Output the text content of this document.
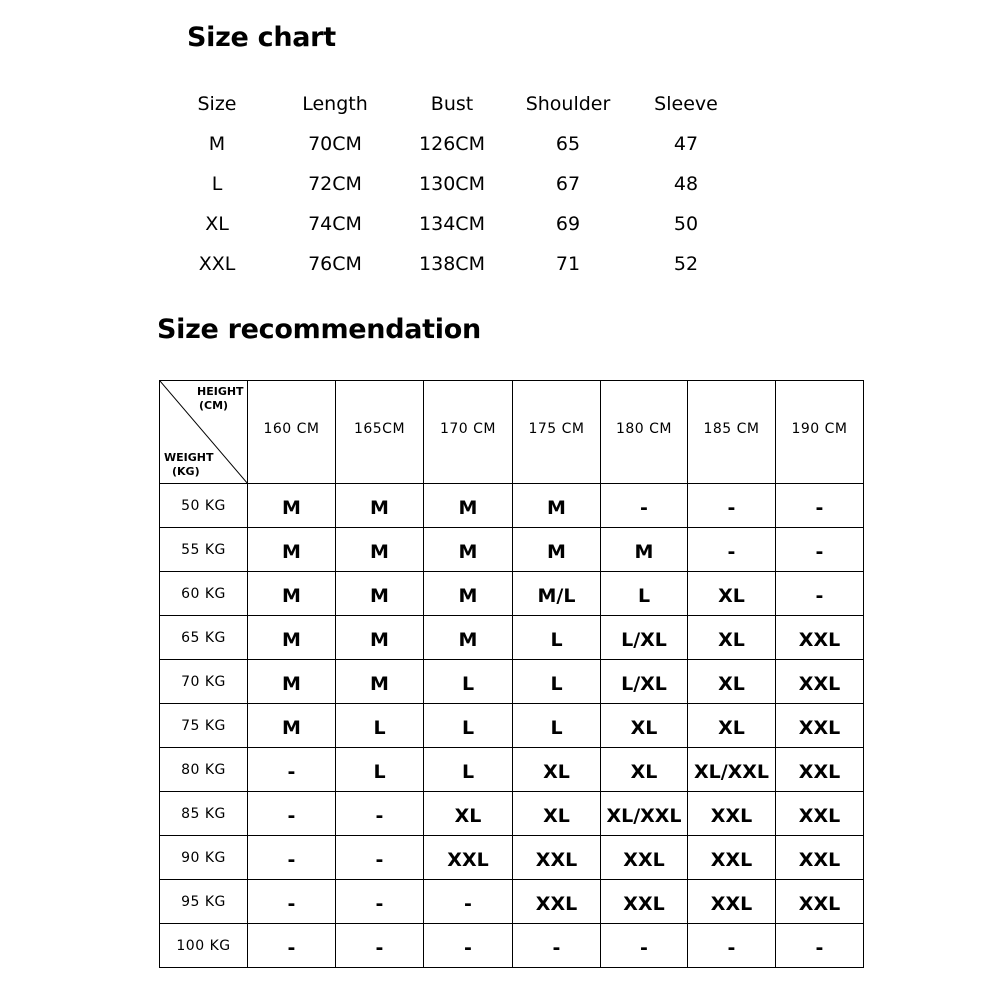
Size chart
Size	Length	Bust	Shoulder	Sleeve
M	70CM	126CM	65	47
L	72CM	130CM	67	48
XL	74CM	134CM	69	50
XXL	76CM	138CM	71	52
Size recommendation
HEIGHT
(CM)
WEIGHT
(KG)	160 CM	165CM	170 CM	175 CM	180 CM	185 CM	190 CM
50 KG	M	M	M	M	-	-	-
55 KG	M	M	M	M	M	-	-
60 KG	M	M	M	M/L	L	XL	-
65 KG	M	M	M	L	L/XL	XL	XXL
70 KG	M	M	L	L	L/XL	XL	XXL
75 KG	M	L	L	L	XL	XL	XXL
80 KG	-	L	L	XL	XL	XL/XXL	XXL
85 KG	-	-	XL	XL	XL/XXL	XXL	XXL
90 KG	-	-	XXL	XXL	XXL	XXL	XXL
95 KG	-	-	-	XXL	XXL	XXL	XXL
100 KG	-	-	-	-	-	-	-
